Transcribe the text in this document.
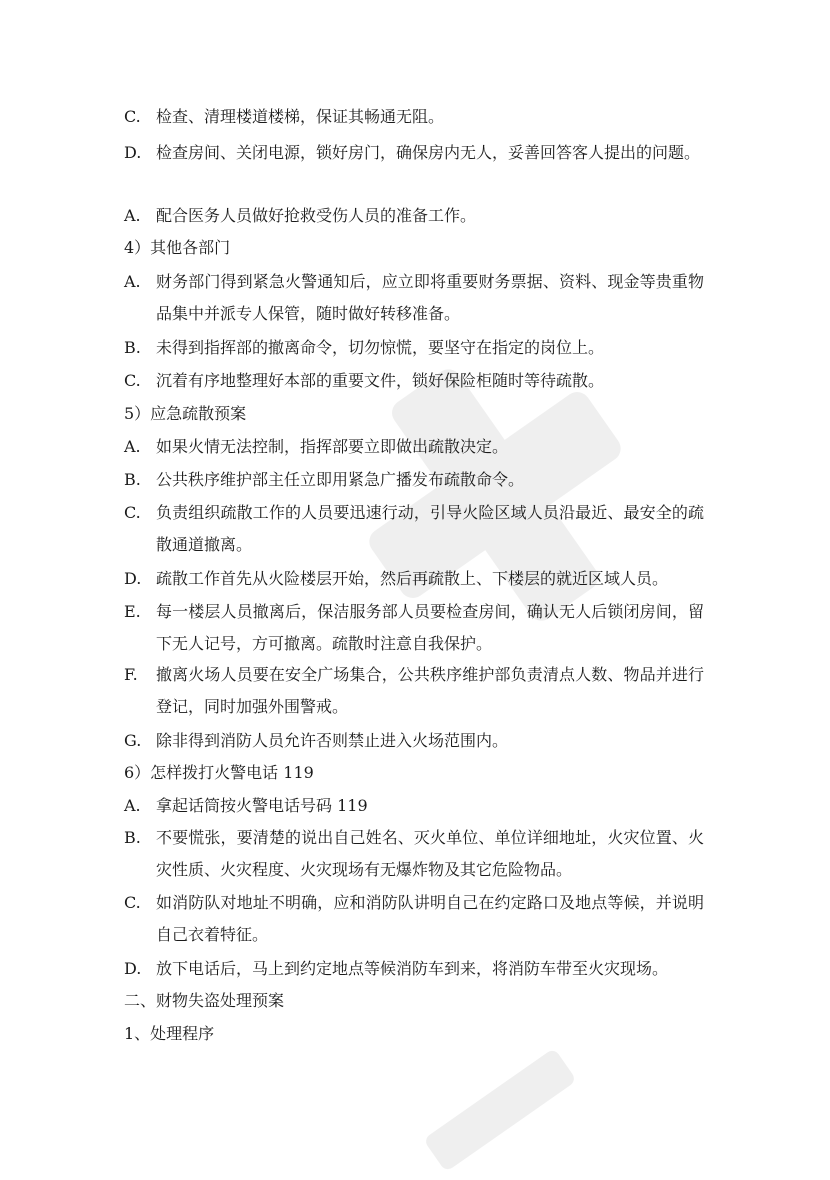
C. 检查、清理楼道楼梯，保证其畅通无阻。
D. 检查房间、关闭电源，锁好房门，确保房内无人，妥善回答客人提出的问题。
A. 配合医务人员做好抢救受伤人员的准备工作。
4）其他各部门
A. 财务部门得到紧急火警通知后，应立即将重要财务票据、资料、现金等贵重物品集中并派专人保管，随时做好转移准备。
B. 未得到指挥部的撤离命令，切勿惊慌，要坚守在指定的岗位上。
C. 沉着有序地整理好本部的重要文件，锁好保险柜随时等待疏散。
5）应急疏散预案
A. 如果火情无法控制，指挥部要立即做出疏散决定。
B. 公共秩序维护部主任立即用紧急广播发布疏散命令。
C. 负责组织疏散工作的人员要迅速行动，引导火险区域人员沿最近、最安全的疏散通道撤离。
D. 疏散工作首先从火险楼层开始，然后再疏散上、下楼层的就近区域人员。
E. 每一楼层人员撤离后，保洁服务部人员要检查房间，确认无人后锁闭房间，留下无人记号，方可撤离。疏散时注意自我保护。
F. 撤离火场人员要在安全广场集合，公共秩序维护部负责清点人数、物品并进行登记，同时加强外围警戒。
G. 除非得到消防人员允许否则禁止进入火场范围内。
6）怎样拨打火警电话 119
A. 拿起话筒按火警电话号码 119
B. 不要慌张，要清楚的说出自己姓名、灭火单位、单位详细地址，火灾位置、火灾性质、火灾程度、火灾现场有无爆炸物及其它危险物品。
C. 如消防队对地址不明确，应和消防队讲明自己在约定路口及地点等候，并说明自己衣着特征。
D. 放下电话后，马上到约定地点等候消防车到来，将消防车带至火灾现场。
二、财物失盗处理预案
1、处理程序
